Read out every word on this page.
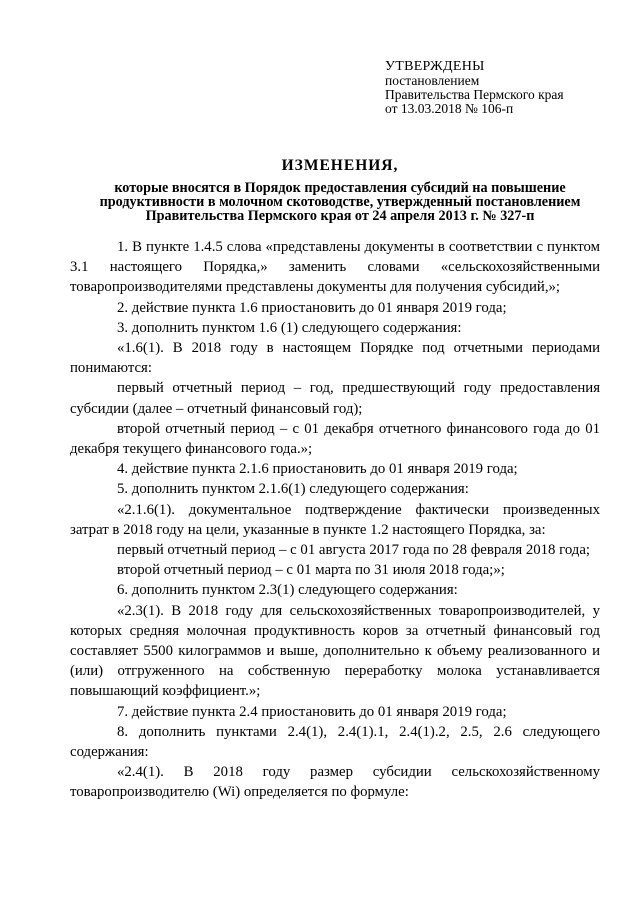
УТВЕРЖДЕНЫ
постановлением
Правительства Пермского края
от 13.03.2018 № 106-п

ИЗМЕНЕНИЯ,

которые вносятся в Порядок предоставления субсидий на повышение

продуктивности в молочном скотоводстве, утвержденный постановлением

Правительства Пермского края от 24 апреля 2013 г. № 327-п

1. В пункте 1.4.5 слова «представлены документы в соответствии с пунктом 3.1 настоящего Порядка,» заменить словами «сельскохозяйственными товаропроизводителями представлены документы для получения субсидий,»;

2. действие пункта 1.6 приостановить до 01 января 2019 года;

3. дополнить пунктом 1.6 (1) следующего содержания:

«1.6(1). В 2018 году в настоящем Порядке под отчетными периодами понимаются:

первый отчетный период – год, предшествующий году предоставления субсидии (далее – отчетный финансовый год);

второй отчетный период – с 01 декабря отчетного финансового года до 01 декабря текущего финансового года.»;

4. действие пункта 2.1.6 приостановить до 01 января 2019 года;

5. дополнить пунктом 2.1.6(1) следующего содержания:

«2.1.6(1). документальное подтверждение фактически произведенных затрат в 2018 году на цели, указанные в пункте 1.2 настоящего Порядка, за:

первый отчетный период – с 01 августа 2017 года по 28 февраля 2018 года;

второй отчетный период – с 01 марта по 31 июля 2018 года;»;

6. дополнить пунктом 2.3(1) следующего содержания:

«2.3(1). В 2018 году для сельскохозяйственных товаропроизводителей, у которых средняя молочная продуктивность коров за отчетный финансовый год составляет 5500 килограммов и выше, дополнительно к объему реализованного и (или) отгруженного на собственную переработку молока устанавливается повышающий коэффициент.»;

7. действие пункта 2.4 приостановить до 01 января 2019 года;

8. дополнить пунктами 2.4(1), 2.4(1).1, 2.4(1).2, 2.5, 2.6 следующего содержания:

«2.4(1). В 2018 году размер субсидии сельскохозяйственному товаропроизводителю (Wi) определяется по формуле:
